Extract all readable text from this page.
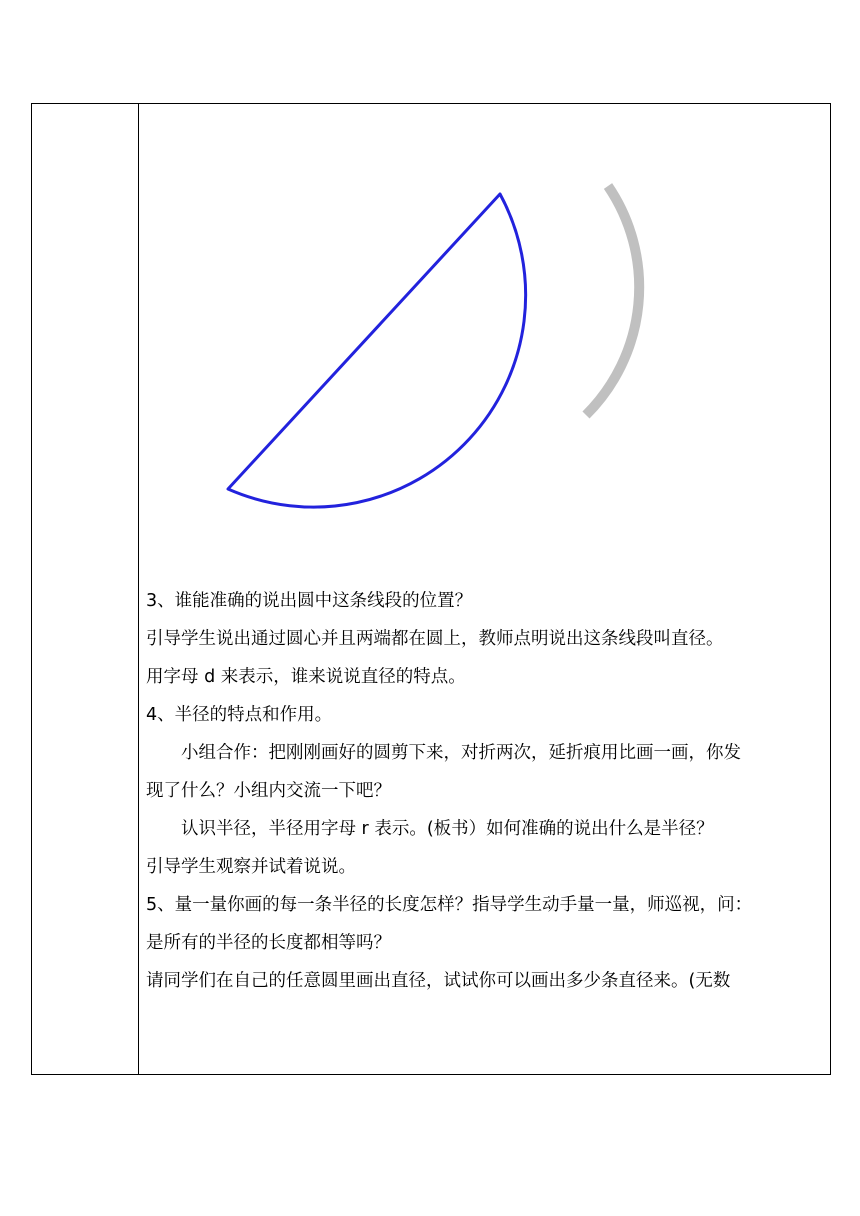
3、谁能准确的说出圆中这条线段的位置？

引导学生说出通过圆心并且两端都在圆上，教师点明说出这条线段叫直径。

用字母 d 来表示，谁来说说直径的特点。

4、半径的特点和作用。

小组合作：把刚刚画好的圆剪下来，对折两次，延折痕用比画一画，你发

现了什么？小组内交流一下吧？

认识半径，半径用字母 r 表示。(板书）如何准确的说出什么是半径？

引导学生观察并试着说说。

5、量一量你画的每一条半径的长度怎样？指导学生动手量一量，师巡视，问：

是所有的半径的长度都相等吗？

请同学们在自己的任意圆里画出直径，试试你可以画出多少条直径来。(无数
